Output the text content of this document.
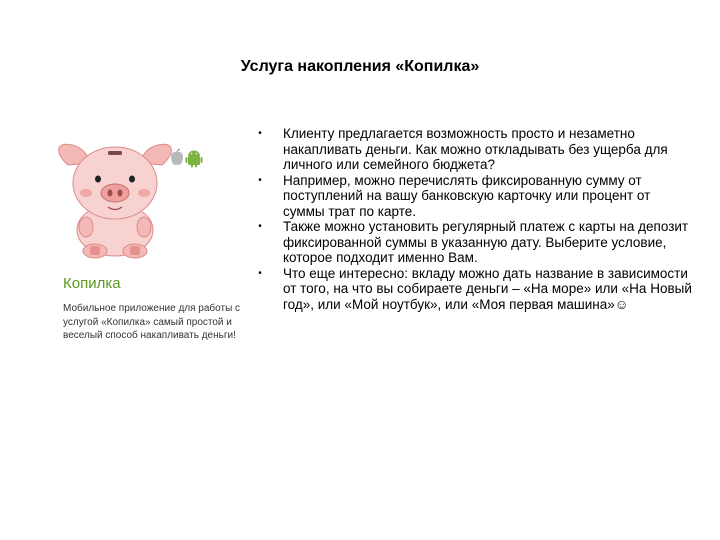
Услуга накопления «Копилка»
Копилка
Мобильное приложение для работы с услугой «Копилка» самый простой и веселый способ накапливать деньги!
• Клиенту предлагается возможность просто и незаметно накапливать деньги. Как можно откладывать без ущерба для личного или семейного бюджета?
• Например, можно перечислять фиксированную сумму от поступлений на вашу банковскую карточку или процент от суммы трат по карте.
• Также можно установить регулярный платеж с карты на депозит фиксированной суммы в указанную дату. Выберите условие, которое подходит именно Вам.
• Что еще интересно: вкладу можно дать название в зависимости от того, на что вы собираете деньги – «На море» или «На Новый год», или «Мой ноутбук», или «Моя первая машина»☺
